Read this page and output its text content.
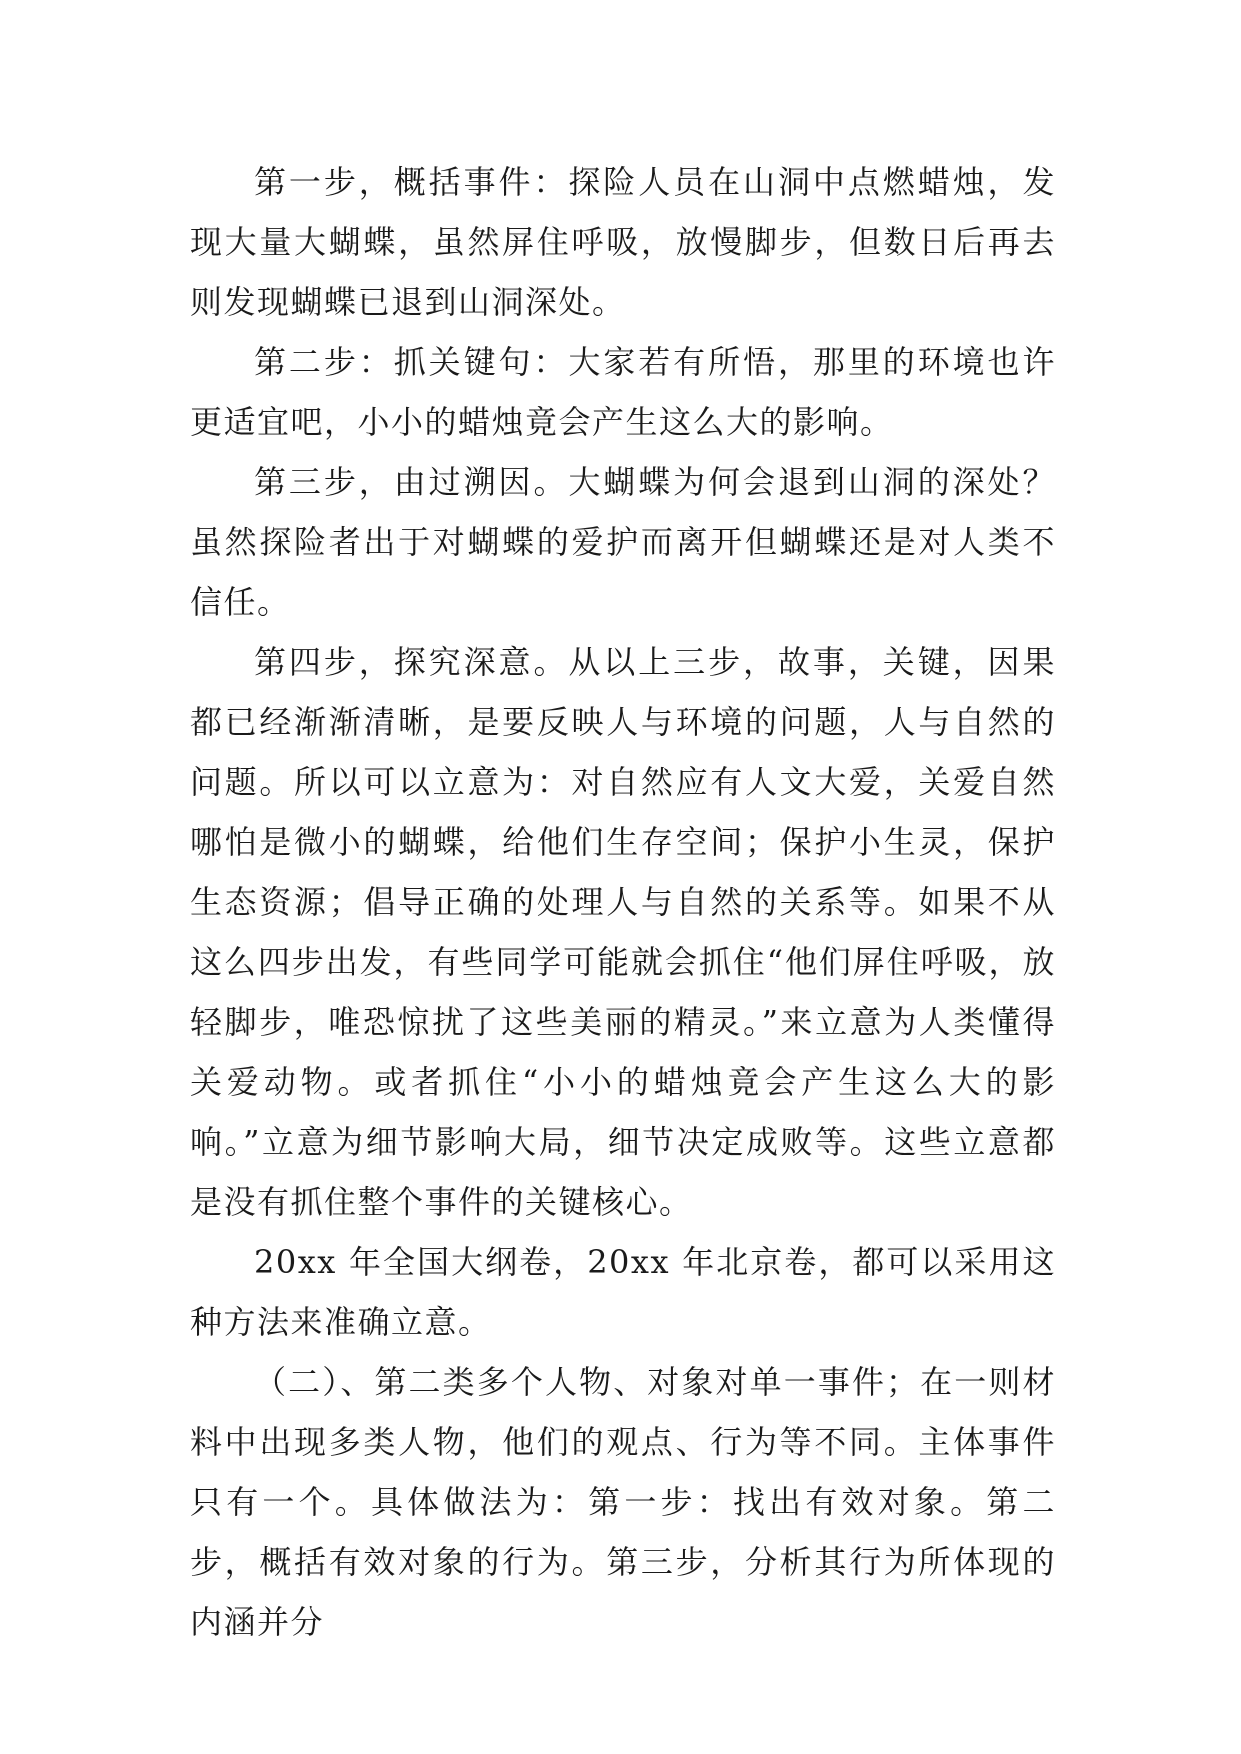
第一步，概括事件：探险人员在山洞中点燃蜡烛，发现大量大蝴蝶，虽然屏住呼吸，放慢脚步，但数日后再去则发现蝴蝶已退到山洞深处。

第二步：抓关键句：大家若有所悟，那里的环境也许更适宜吧，小小的蜡烛竟会产生这么大的影响。

第三步，由过溯因。大蝴蝶为何会退到山洞的深处？虽然探险者出于对蝴蝶的爱护而离开但蝴蝶还是对人类不信任。

第四步，探究深意。从以上三步，故事，关键，因果都已经渐渐清晰，是要反映人与环境的问题，人与自然的问题。所以可以立意为：对自然应有人文大爱，关爱自然哪怕是微小的蝴蝶，给他们生存空间；保护小生灵，保护生态资源；倡导正确的处理人与自然的关系等。如果不从这么四步出发，有些同学可能就会抓住“他们屏住呼吸，放轻脚步，唯恐惊扰了这些美丽的精灵。”来立意为人类懂得关爱动物。或者抓住“小小的蜡烛竟会产生这么大的影响。”立意为细节影响大局，细节决定成败等。这些立意都是没有抓住整个事件的关键核心。

20xx 年全国大纲卷，20xx 年北京卷，都可以采用这种方法来准确立意。

（二）、第二类多个人物、对象对单一事件；在一则材料中出现多类人物，他们的观点、行为等不同。主体事件只有一个。具体做法为：第一步：找出有效对象。第二步，概括有效对象的行为。第三步，分析其行为所体现的内涵并分
